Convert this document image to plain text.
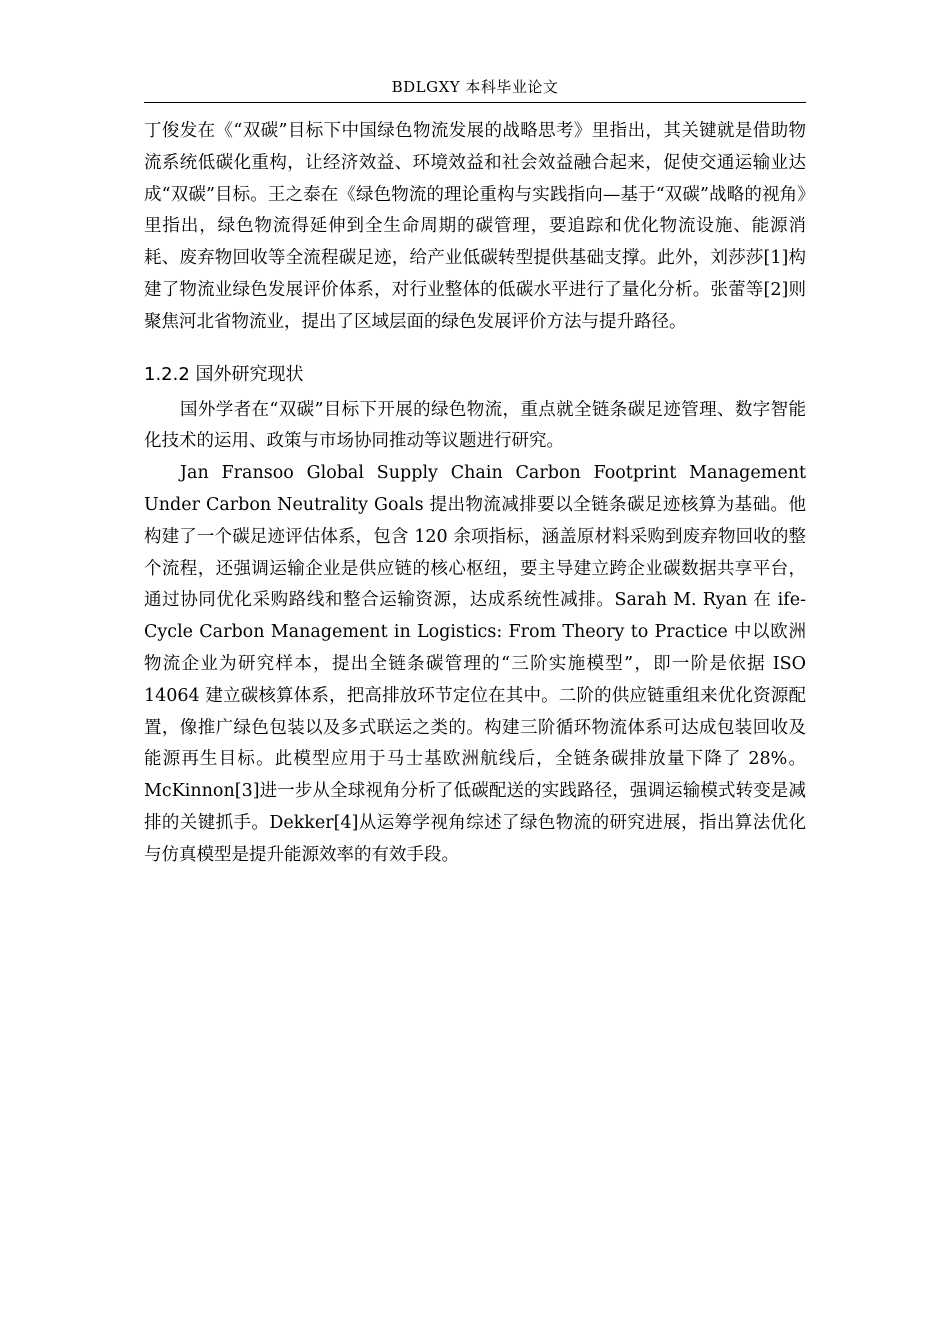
BDLGXY 本科毕业论文

丁俊发在《“双碳”目标下中国绿色物流发展的战略思考》里指出，其关键就是借助物流系统低碳化重构，让经济效益、环境效益和社会效益融合起来，促使交通运输业达成“双碳”目标。王之泰在《绿色物流的理论重构与实践指向—基于“双碳”战略的视角》里指出，绿色物流得延伸到全生命周期的碳管理，要追踪和优化物流设施、能源消耗、废弃物回收等全流程碳足迹，给产业低碳转型提供基础支撑。此外，刘莎莎[1]构建了物流业绿色发展评价体系，对行业整体的低碳水平进行了量化分析。张蕾等[2]则聚焦河北省物流业，提出了区域层面的绿色发展评价方法与提升路径。

1.2.2 国外研究现状

国外学者在“双碳”目标下开展的绿色物流，重点就全链条碳足迹管理、数字智能化技术的运用、政策与市场协同推动等议题进行研究。

Jan Fransoo Global Supply Chain Carbon Footprint Management Under Carbon Neutrality Goals 提出物流减排要以全链条碳足迹核算为基础。他构建了一个碳足迹评估体系，包含 120 余项指标，涵盖原材料采购到废弃物回收的整个流程，还强调运输企业是供应链的核心枢纽，要主导建立跨企业碳数据共享平台，通过协同优化采购路线和整合运输资源，达成系统性减排。Sarah M. Ryan 在 ife-Cycle Carbon Management in Logistics: From Theory to Practice 中以欧洲物流企业为研究样本，提出全链条碳管理的“三阶实施模型”，即一阶是依据 ISO 14064 建立碳核算体系，把高排放环节定位在其中。二阶的供应链重组来优化资源配置，像推广绿色包装以及多式联运之类的。构建三阶循环物流体系可达成包装回收及能源再生目标。此模型应用于马士基欧洲航线后，全链条碳排放量下降了 28%。McKinnon[3]进一步从全球视角分析了低碳配送的实践路径，强调运输模式转变是减排的关键抓手。Dekker[4]从运筹学视角综述了绿色物流的研究进展，指出算法优化与仿真模型是提升能源效率的有效手段。
